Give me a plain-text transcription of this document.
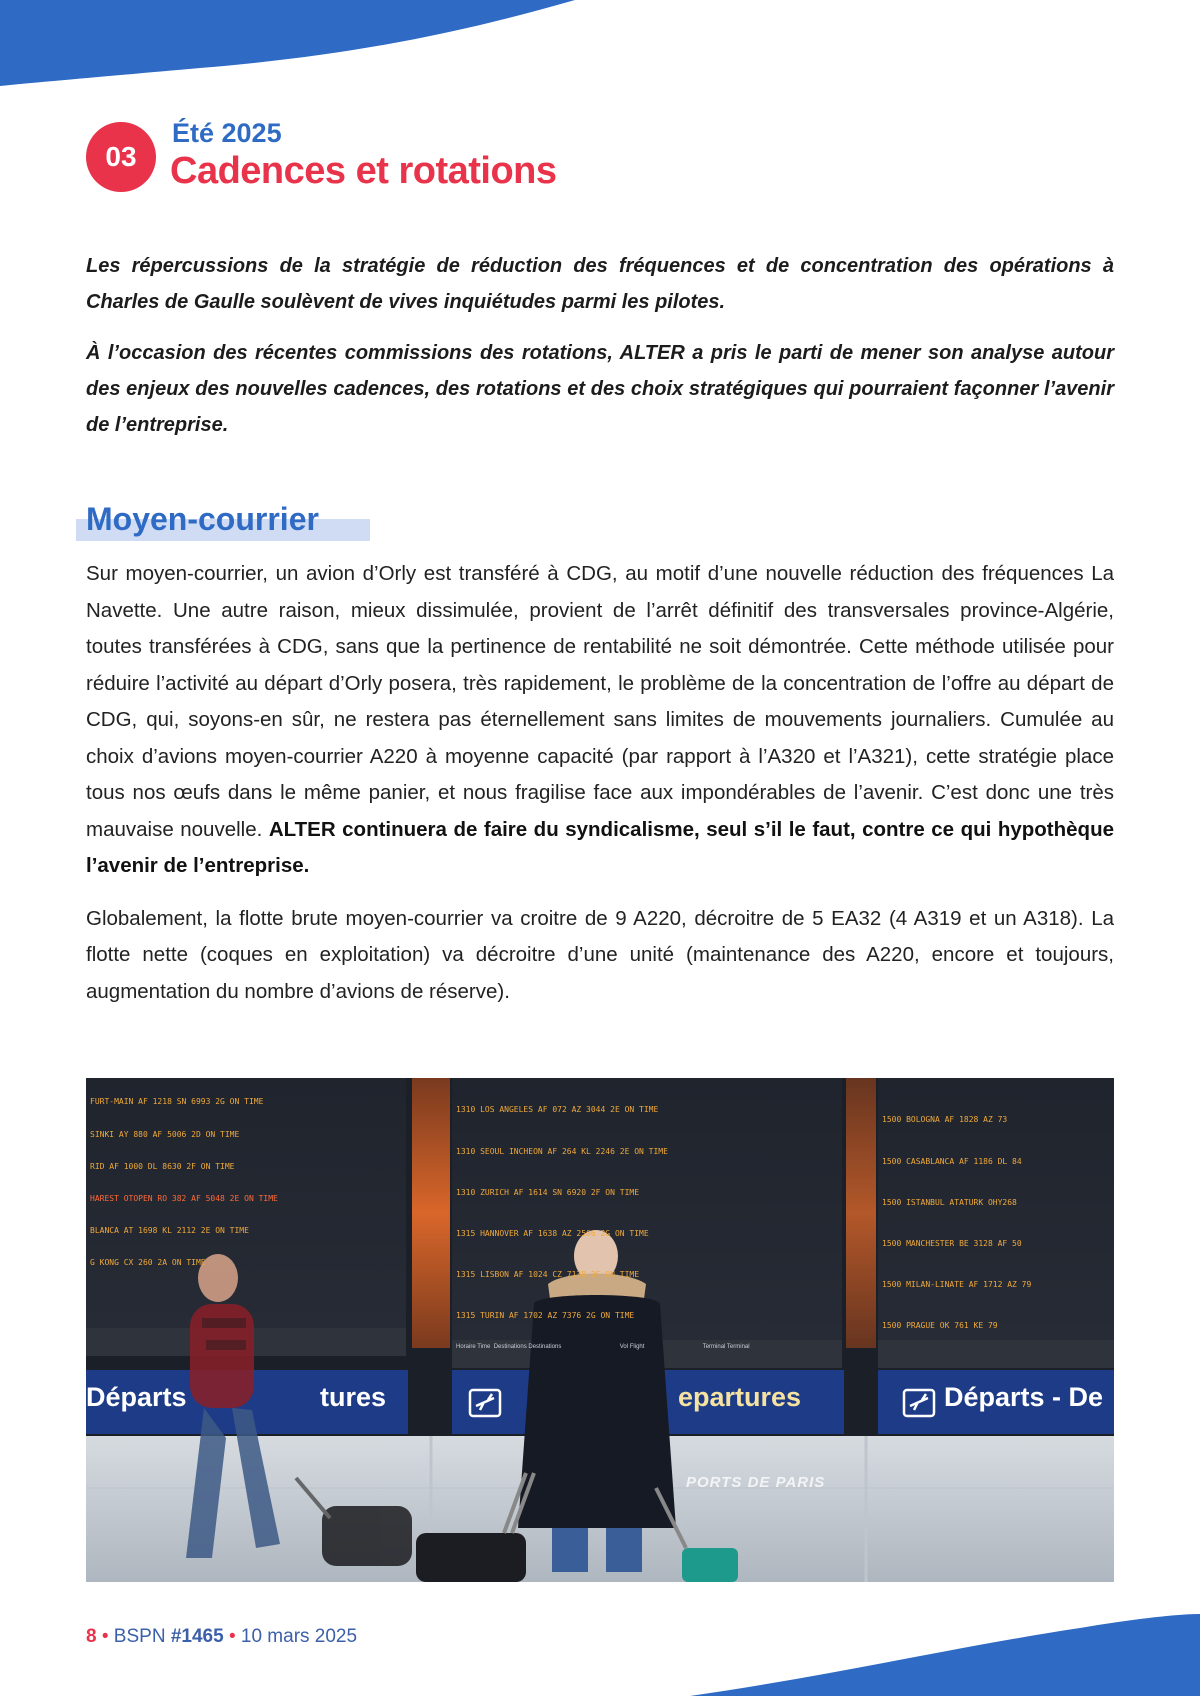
03
Été 2025
Cadences et rotations

Les répercussions de la stratégie de réduction des fréquences et de concentration des opérations à Charles de Gaulle soulèvent de vives inquiétudes parmi les pilotes.

À l’occasion des récentes commissions des rotations, ALTER a pris le parti de mener son analyse autour des enjeux des nouvelles cadences, des rotations et des choix stratégiques qui pourraient façonner l’avenir de l’entreprise.

Moyen-courrier

Sur moyen-courrier, un avion d’Orly est transféré à CDG, au motif d’une nouvelle réduction des fréquences La Navette. Une autre raison, mieux dissimulée, provient de l’arrêt définitif des transversales province-Algérie, toutes transférées à CDG, sans que la pertinence de rentabilité ne soit démontrée. Cette méthode utilisée pour réduire l’activité au départ d’Orly posera, très rapidement, le problème de la concentration de l’offre au départ de CDG, qui, soyons-en sûr, ne restera pas éternellement sans limites de mouvements journaliers. Cumulée au choix d’avions moyen-courrier A220 à moyenne capacité (par rapport à l’A320 et l’A321), cette stratégie place tous nos œufs dans le même panier, et nous fragilise face aux impondérables de l’avenir. C’est donc une très mauvaise nouvelle. ALTER continuera de faire du syndicalisme, seul s’il le faut, contre ce qui hypothèque l’avenir de l’entreprise.

Globalement, la flotte brute moyen-courrier va croitre de 9 A220, décroitre de 5 EA32 (4 A319 et un A318). La flotte nette (coques en exploitation) va décroitre d’une unité (maintenance des A220, encore et toujours, augmentation du nombre d’avions de réserve).

FURT-MAIN AF 1218 SN 6993 2G ON TIME

SINKI AY 880 AF 5006 2D ON TIME

RID AF 1000 DL 8630 2F ON TIME

HAREST OTOPEN RO 382 AF 5048 2E ON TIME

BLANCA AT 1698 KL 2112 2E ON TIME

G KONG CX 260 2A ON TIME

1310 LOS ANGELES AF 072 AZ 3044 2E ON TIME

1310 SEOUL INCHEON AF 264 KL 2246 2E ON TIME

1310 ZURICH AF 1614 SN 6920 2F ON TIME

1315 HANNOVER AF 1638 AZ 2506 2G ON TIME

1315 LISBON AF 1024 CZ 7138 2F ON TIME

1315 TURIN AF 1702 AZ 7376 2G ON TIME

1500 BOLOGNA AF 1828 AZ 73

1500 CASABLANCA AF 1186 DL 84

1500 ISTANBUL ATATURK OHY268

1500 MANCHESTER BE 3128 AF 50

1500 MILAN-LINATE AF 1712 AZ 79

1500 PRAGUE OK 761 KE 79

Horaire Time Destinations Destinations	Vol Flight	Terminal Terminal
Départs	tures	epartures	Départs - De
PORTS DE PARIS
8 • BSPN #1465 • 10 mars 2025
